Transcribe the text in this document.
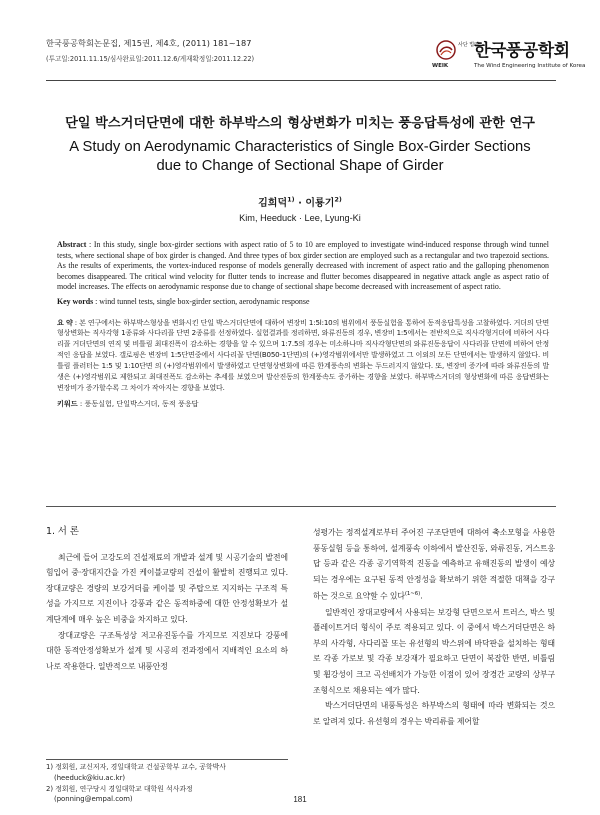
한국풍공학회논문집, 제15권, 제4호, (2011) 181~187
(투고일:2011.11.15/심사완료일:2011.12.6/게재확정일:2011.12.22)
사단 법인
한국풍공학회
WEIK	The Wind Engineering Institute of Korea
단일 박스거더단면에 대한 하부박스의 형상변화가 미치는 풍응답특성에 관한 연구
A Study on Aerodynamic Characteristics of Single Box-Girder Sections
due to Change of Sectional Shape of Girder
김희덕$^{1)}$ · 이룡기$^{2)}$
Kim, Heeduck · Lee, Lyung-Ki

Abstract : In this study, single box-girder sections with aspect ratio of 5 to 10 are employed to investigate wind-induced response through wind tunnel tests, where sectional shape of box girder is changed. And three types of box girder section are employed such as a rectangular and two trapezoid sections. As the results of experiments, the vortex-induced response of models generally decreased with increment of aspect ratio and the galloping phenomenon becomes disappeared. The critical wind velocity for flutter tends to increase and flutter becomes disappeared in negative attack angle as aspect ratio of model increases. The effects on aerodynamic response due to change of sectional shape become decreased with increasement of aspect ratio.

Key words : wind tunnel tests, single box-girder section, aerodynamic response

요 약 : 본 연구에서는 하부박스형상을 변화시킨 단일 박스거더단면에 대하여 변장비 1:5l:10의 범위에서 풍동실험을 통하여 동적응답특성을 고찰하였다. 거더의 단면형상변화는 직사각형 1종류와 사다리꼴 단면 2종류를 선정하였다. 실험결과를 정리하면, 와류진동의 경우, 변장비 1:5에서는 전반적으로 직사각형거더에 비하여 사다리꼴 거더단면의 연직 및 비틀림 최대진폭이 감소하는 경향을 알 수 있으며 1:7.5의 경우는 미소하나마 직사각형단면의 와류진동응답이 사다리꼴 단면에 비하여 안정적인 응답을 보였다. 갤로핑은 변장비 1:5단면중에서 사다리꼴 단면(B050-1단면)의 (+)영각범위에서만 발생하였고 그 이외의 모든 단면에서는 발생하지 않았다. 비틀림 플러터는 1:5 및 1:10단면 의 (+)영각범위에서 발생하였고 단면형상변화에 따른 한계풍속의 변화는 두드러지지 않았다. 또, 변장비 증가에 따라 와류진동의 발생은 (+)영각범위로 제한되고 최대진폭도 감소하는 추세를 보였으며 발산진동의 한계풍속도 증가하는 경향을 보였다. 하부박스거더의 형상변화에 따른 응답변화는 변장비가 증가할수록 그 차이가 작아지는 경향을 보였다.

키워드 : 풍동실험, 단일박스거더, 동적 풍응답

1. 서 론

최근에 들어 고강도의 건설재료의 개발과 설계 및 시공기술의 발전에 힘입어 중·장대지간을 가진 케이블교량의 건설이 활발히 진행되고 있다. 장대교량은 경량의 보강거더를 케이블 및 주탑으로 지지하는 구조적 특성을 가지므로 지진이나 강풍과 같은 동적하중에 대한 안정성확보가 설계단계에 매우 높은 비중을 차지하고 있다.

장대교량은 구조특성상 저고유진동수를 가지므로 지진보다 강풍에 대한 동적안정성확보가 설계 및 시공의 전과정에서 지배적인 요소의 하나로 작용한다. 일반적으로 내풍안정

성평가는 정적설계로부터 주어진 구조단면에 대하여 축소모형을 사용한 풍동실험 등을 통하여, 설계풍속 이하에서 발산진동, 와류진동, 거스트응답 등과 같은 각종 공기역학적 진동을 예측하고 유해진동의 발생이 예상되는 경우에는 요구된 동적 안정성을 확보하기 위한 적절한 대책을 강구하는 것으로 요약할 수 있다$^{(1\sim 6)}$.

일반적인 장대교량에서 사용되는 보강형 단면으로서 트러스, 박스 및 플레이트거더 형식이 주로 적용되고 있다. 이 중에서 박스거더단면은 하부의 사각형, 사다리꼴 또는 유선형의 박스위에 바닥판을 설치하는 형태로 각종 가로보 및 각종 보강재가 필요하고 단면이 복잡한 반면, 비틀림 및 휨강성이 크고 곡선배치가 가능한 이점이 있어 장경간 교량의 상부구조형식으로 채용되는 예가 많다.

박스거더단면의 내풍특성은 하부박스의 형태에 따라 변화되는 것으로 알려져 있다. 유선형의 경우는 박리류를 제어할

1) 정회원, 교신저자, 경일대학교 건설공학부 교수, 공학박사
(heeduck@kiu.ac.kr)
2) 정회원, 연구당시 경일대학교 대학원 석사과정
(ponning@empal.com)	181
